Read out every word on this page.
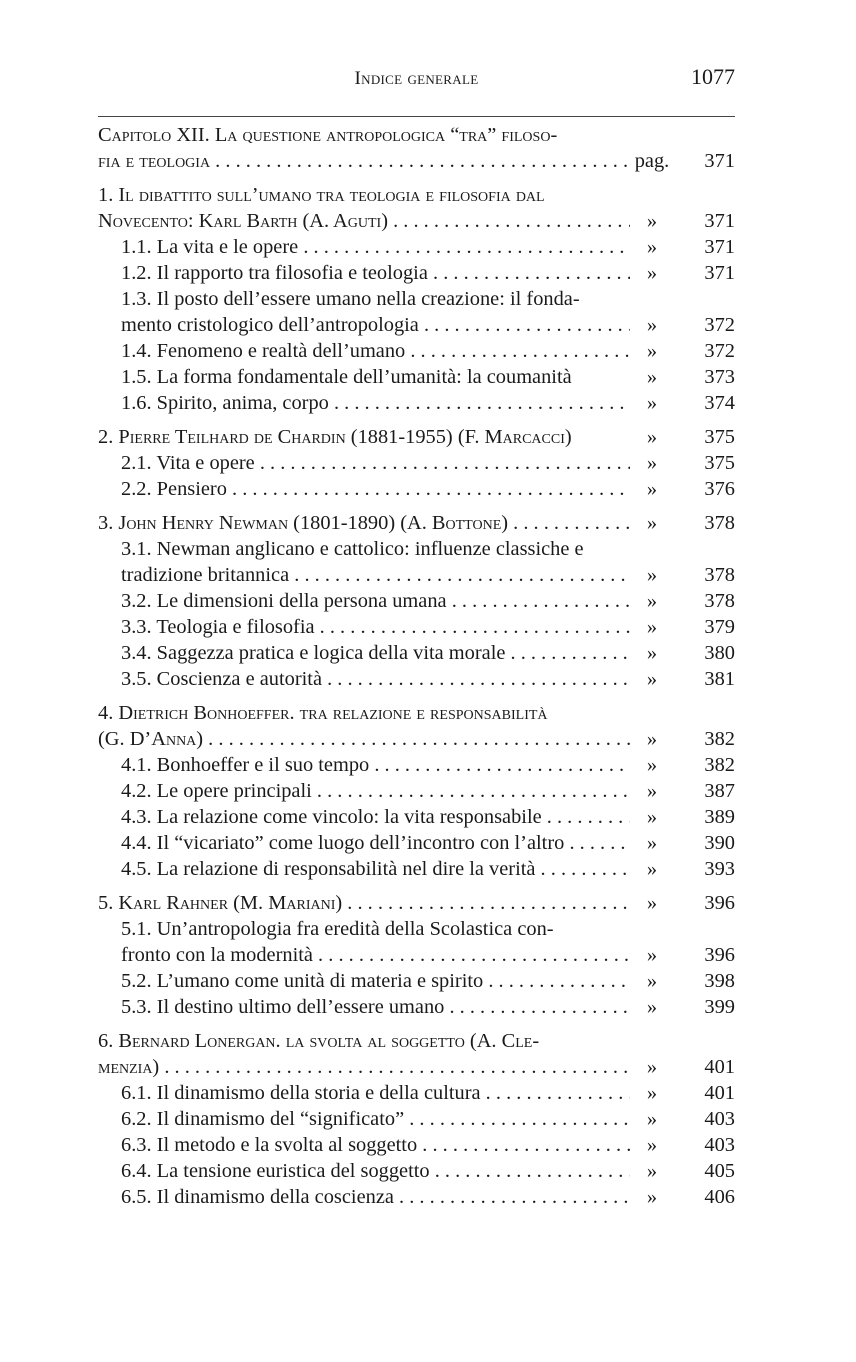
Indice generale	1077
Capitolo XII. La questione antropologica “tra” filoso-
fia e teologia . . .	pag.	371
1. Il dibattito sull’umano tra teologia e filosofia dal
Novecento: Karl Barth (A. Aguti) . . .	»	371
1.1. La vita e le opere . . .	»	371
1.2. Il rapporto tra filosofia e teologia . . .	»	371
1.3. Il posto dell’essere umano nella creazione: il fonda-
mento cristologico dell’antropologia . . .	»	372
1.4. Fenomeno e realtà dell’umano . . .	»	372
1.5. La forma fondamentale dell’umanità: la coumanità	»	373
1.6. Spirito, anima, corpo . . .	»	374
2. Pierre Teilhard de Chardin (1881-1955) (F. Marcacci)	»	375
2.1. Vita e opere . . .	»	375
2.2. Pensiero . . .	»	376
3. John Henry Newman (1801-1890) (A. Bottone) . . .	»	378
3.1. Newman anglicano e cattolico: influenze classiche e
tradizione britannica . . .	»	378
3.2. Le dimensioni della persona umana . . .	»	378
3.3. Teologia e filosofia . . .	»	379
3.4. Saggezza pratica e logica della vita morale . . .	»	380
3.5. Coscienza e autorità . . .	»	381
4. Dietrich Bonhoeffer. tra relazione e responsabilità
(G. D’Anna) . . .	»	382
4.1. Bonhoeffer e il suo tempo . . .	»	382
4.2. Le opere principali . . .	»	387
4.3. La relazione come vincolo: la vita responsabile . . .	»	389
4.4. Il “vicariato” come luogo dell’incontro con l’altro . . .	»	390
4.5. La relazione di responsabilità nel dire la verità . . .	»	393
5. Karl Rahner (M. Mariani) . . .	»	396
5.1. Un’antropologia fra eredità della Scolastica con-
fronto con la modernità . . .	»	396
5.2. L’umano come unità di materia e spirito . . .	»	398
5.3. Il destino ultimo dell’essere umano . . .	»	399
6. Bernard Lonergan. la svolta al soggetto (A. Cle-
menzia) . . .	»	401
6.1. Il dinamismo della storia e della cultura . . .	»	401
6.2. Il dinamismo del “significato” . . .	»	403
6.3. Il metodo e la svolta al soggetto . . .	»	403
6.4. La tensione euristica del soggetto . . .	»	405
6.5. Il dinamismo della coscienza . . .	»	406
